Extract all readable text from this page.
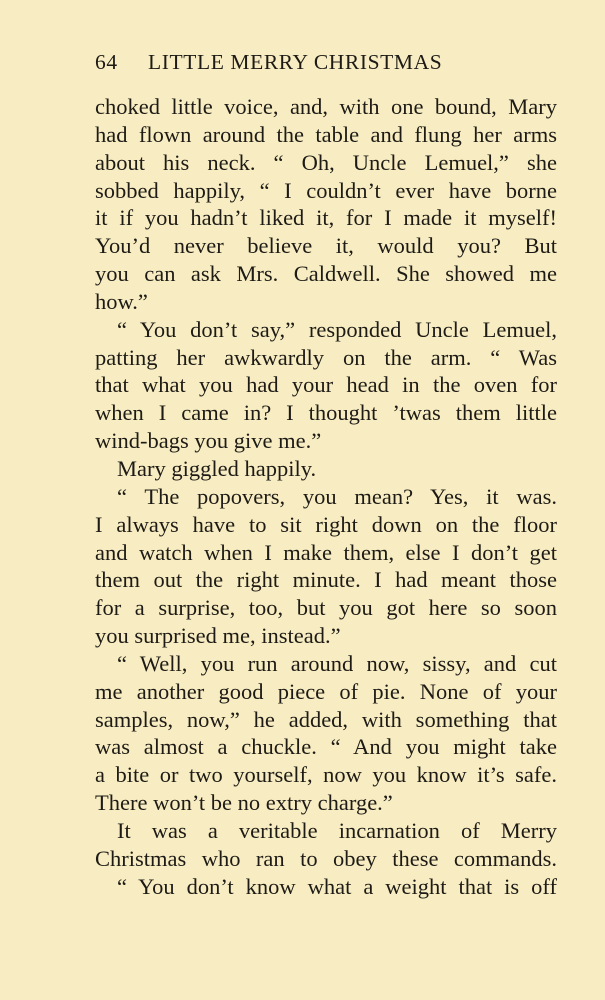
64 LITTLE MERRY CHRISTMAS
choked little voice, and, with one bound, Mary
had flown around the table and flung her arms
about his neck. “ Oh, Uncle Lemuel,” she
sobbed happily, “ I couldn’t ever have borne
it if you hadn’t liked it, for I made it myself!
You’d never believe it, would you? But
you can ask Mrs. Caldwell. She showed me
how.”
“ You don’t say,” responded Uncle Lemuel,
patting her awkwardly on the arm. “ Was
that what you had your head in the oven for
when I came in? I thought ’twas them little
wind-bags you give me.”
Mary giggled happily.
“ The popovers, you mean? Yes, it was.
I always have to sit right down on the floor
and watch when I make them, else I don’t get
them out the right minute. I had meant those
for a surprise, too, but you got here so soon
you surprised me, instead.”
“ Well, you run around now, sissy, and cut
me another good piece of pie. None of your
samples, now,” he added, with something that
was almost a chuckle. “ And you might take
a bite or two yourself, now you know it’s safe.
There won’t be no extry charge.”
It was a veritable incarnation of Merry
Christmas who ran to obey these commands.
“ You don’t know what a weight that is off
